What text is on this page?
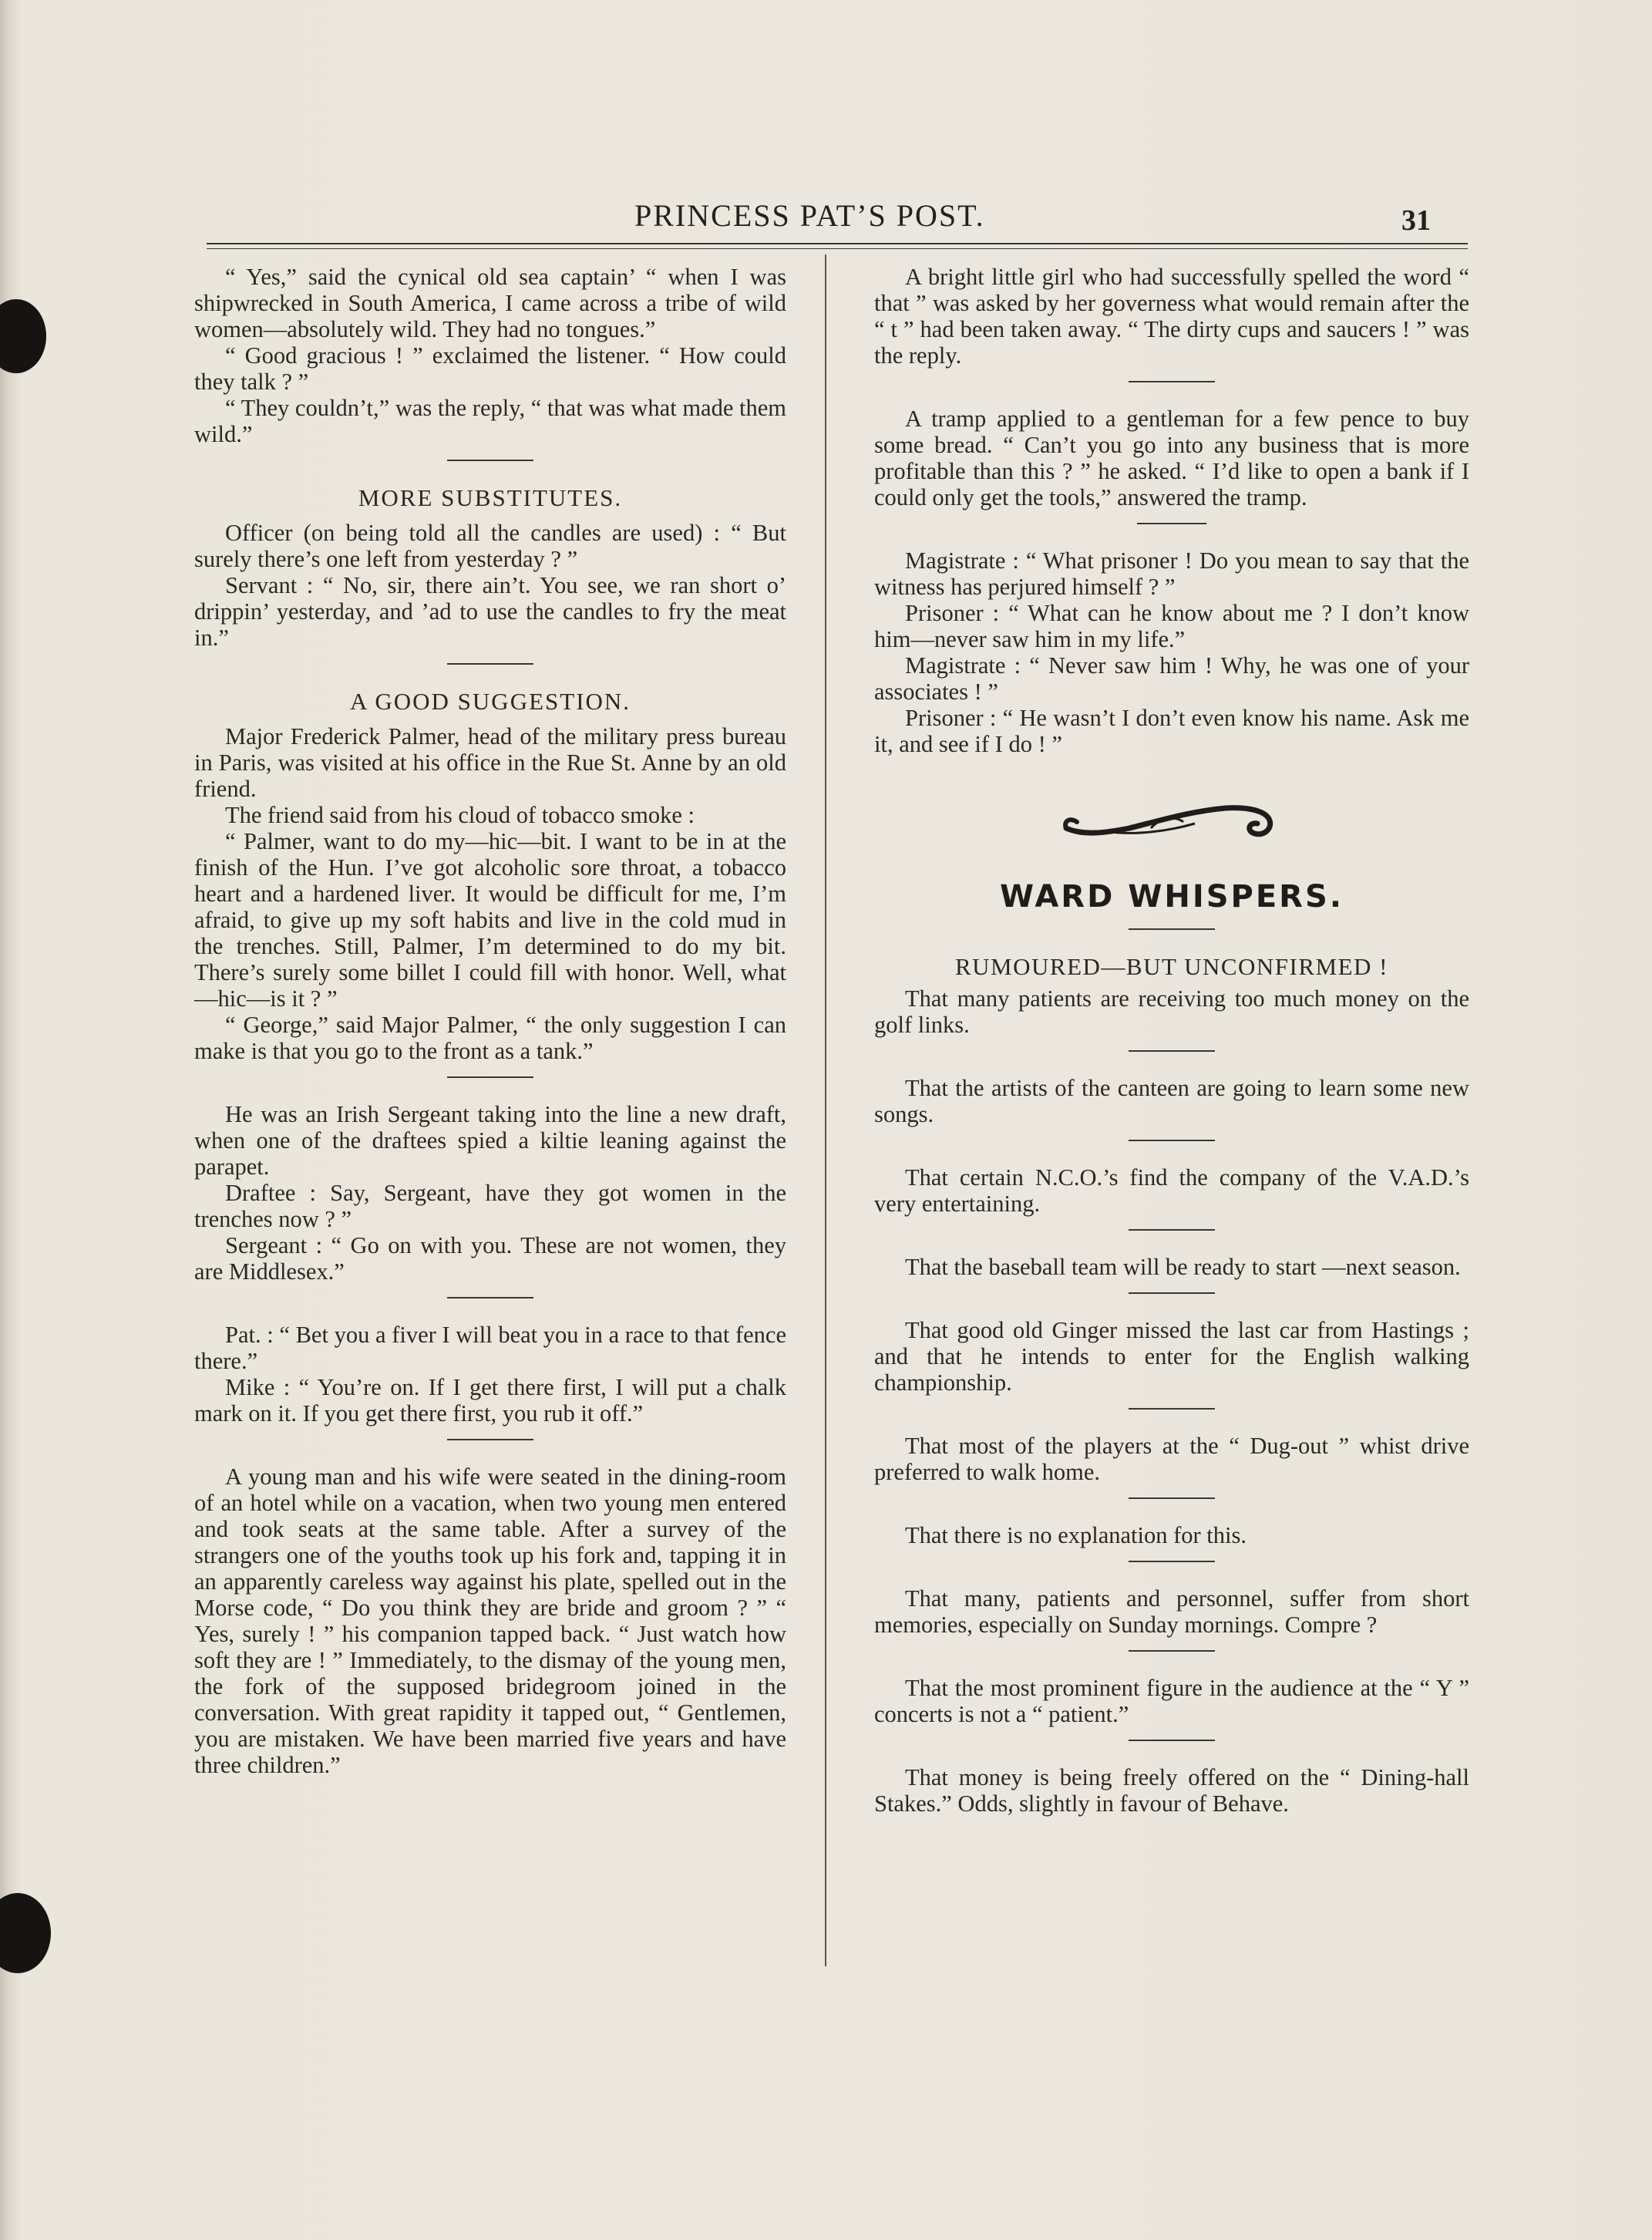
PRINCESS PAT’S POST.	31

“ Yes,” said the cynical old sea captain’ “ when I was shipwrecked in South America, I came across a tribe of wild women—absolutely wild. They had no tongues.”

“ Good gracious ! ” exclaimed the listener. “ How could they talk ? ”

“ They couldn’t,” was the reply, “ that was what made them wild.”

MORE SUBSTITUTES.

Officer (on being told all the candles are used) : “ But surely there’s one left from yesterday ? ”

Servant : “ No, sir, there ain’t. You see, we ran short o’ drippin’ yesterday, and ’ad to use the candles to fry the meat in.”

A GOOD SUGGESTION.

Major Frederick Palmer, head of the military press bureau in Paris, was visited at his office in the Rue St. Anne by an old friend.

The friend said from his cloud of tobacco smoke :

“ Palmer, want to do my—hic—bit. I want to be in at the finish of the Hun. I’ve got alcoholic sore throat, a tobacco heart and a hardened liver. It would be difficult for me, I’m afraid, to give up my soft habits and live in the cold mud in the trenches. Still, Palmer, I’m determined to do my bit. There’s surely some billet I could fill with honor. Well, what —hic—is it ? ”

“ George,” said Major Palmer, “ the only suggestion I can make is that you go to the front as a tank.”

He was an Irish Sergeant taking into the line a new draft, when one of the draftees spied a kiltie leaning against the parapet.

Draftee : Say, Sergeant, have they got women in the trenches now ? ”

Sergeant : “ Go on with you. These are not women, they are Middlesex.”

Pat. : “ Bet you a fiver I will beat you in a race to that fence there.”

Mike : “ You’re on. If I get there first, I will put a chalk mark on it. If you get there first, you rub it off.”

A young man and his wife were seated in the dining-room of an hotel while on a vacation, when two young men entered and took seats at the same table. After a survey of the strangers one of the youths took up his fork and, tapping it in an apparently careless way against his plate, spelled out in the Morse code, “ Do you think they are bride and groom ? ” “ Yes, surely ! ” his companion tapped back. “ Just watch how soft they are ! ” Immediately, to the dismay of the young men, the fork of the supposed bridegroom joined in the conversation. With great rapidity it tapped out, “ Gentlemen, you are mistaken. We have been married five years and have three children.”

A bright little girl who had successfully spelled the word “ that ” was asked by her governess what would remain after the “ t ” had been taken away. “ The dirty cups and saucers ! ” was the reply.

A tramp applied to a gentleman for a few pence to buy some bread. “ Can’t you go into any business that is more profitable than this ? ” he asked. “ I’d like to open a bank if I could only get the tools,” answered the tramp.

Magistrate : “ What prisoner ! Do you mean to say that the witness has perjured himself ? ”

Prisoner : “ What can he know about me ? I don’t know him—never saw him in my life.”

Magistrate : “ Never saw him ! Why, he was one of your associates ! ”

Prisoner : “ He wasn’t I don’t even know his name. Ask me it, and see if I do ! ”

WARD WHISPERS.
RUMOURED—BUT UNCONFIRMED !

That many patients are receiving too much money on the golf links.

That the artists of the canteen are going to learn some new songs.

That certain N.C.O.’s find the company of the V.A.D.’s very entertaining.

That the baseball team will be ready to start —next season.

That good old Ginger missed the last car from Hastings ; and that he intends to enter for the English walking championship.

That most of the players at the “ Dug-out ” whist drive preferred to walk home.

That there is no explanation for this.

That many, patients and personnel, suffer from short memories, especially on Sunday mornings. Compre ?

That the most prominent figure in the audience at the “ Y ” concerts is not a “ patient.”

That money is being freely offered on the “ Dining-hall Stakes.” Odds, slightly in favour of Behave.
